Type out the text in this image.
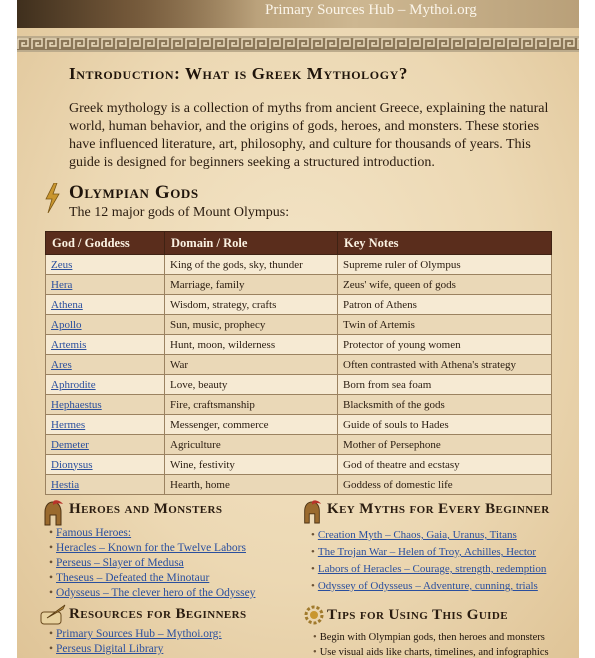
Primary Sources Hub – Mythoi.org
Introduction: What is Greek Mythology?

Greek mythology is a collection of myths from ancient Greece, explaining the natural world, human behavior, and the origins of gods, heroes, and monsters. These stories have influenced literature, art, philosophy, and culture for thousands of years. This guide is designed for beginners seeking a structured introduction.

Olympian Gods

The 12 major gods of Mount Olympus:

God / Goddess	Domain / Role	Key Notes
Zeus	King of the gods, sky, thunder	Supreme ruler of Olympus
Hera	Marriage, family	Zeus' wife, queen of gods
Athena	Wisdom, strategy, crafts	Patron of Athens
Apollo	Sun, music, prophecy	Twin of Artemis
Artemis	Hunt, moon, wilderness	Protector of young women
Ares	War	Often contrasted with Athena's strategy
Aphrodite	Love, beauty	Born from sea foam
Hephaestus	Fire, craftsmanship	Blacksmith of the gods
Hermes	Messenger, commerce	Guide of souls to Hades
Demeter	Agriculture	Mother of Persephone
Dionysus	Wine, festivity	God of theatre and ecstasy
Hestia	Hearth, home	Goddess of domestic life
Heroes and Monsters
• Famous Heroes:
• Heracles – Known for the Twelve Labors
• Perseus – Slayer of Medusa
• Theseus – Defeated the Minotaur
• Odysseus – The clever hero of the Odyssey
Key Myths for Every Beginner
• Creation Myth – Chaos, Gaia, Uranus, Titans
• The Trojan War – Helen of Troy, Achilles, Hector
• Labors of Heracles – Courage, strength, redemption
• Odyssey of Odysseus – Adventure, cunning, trials
Resources for Beginners
• Primary Sources Hub – Mythoi.org:
• Perseus Digital Library
Tips for Using This Guide
• Begin with Olympian gods, then heroes and monsters
• Use visual aids like charts, timelines, and infographics
